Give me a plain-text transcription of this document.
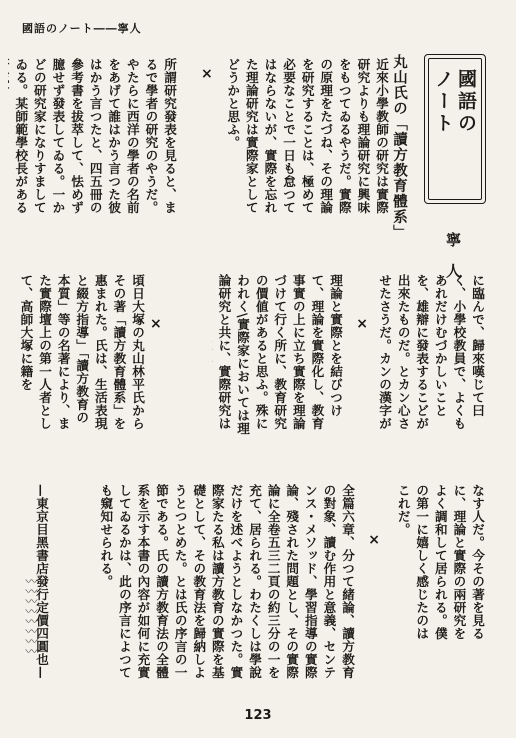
國語のノート――寧人
國語の
ノート
寧人
丸山氏の「讀方教育體系」
近來小學教師の研究は實際研究よりも理論研究に興味をもつてゐるやうだ。實際の原理をたづね、その理論を研究することは、極めて必要なことで一日も怠つてはならないが、實際を忘れた理論研究は實際家としてどうかと思ふ。
×
所謂研究發表を見ると、まるで學者の研究のやうだ。やたらに西洋の學者の名前をあげて誰はかう言つた彼はかう言つたと、四五冊の參考書を拔萃して、怯めず臆せず發表してゐる。一かどの研究家になりすましてゐる。某師範學校長がある
に臨んで、歸來嘆じて曰く、小學校教員で、よくもあれだけむづかしいことを、雄辯に發表するこどが出來たものだ。とカン心させたさうだ。カンの漢字が
×
理論と實際とを結びつけて、理論を實際化し、教育事實の上に立ち實際を理論づけて行く所に、教育研究の價値があると思ふ。殊にわれく\實際家においては理論研究と共に、實際研究は
×
頃日大塚の丸山林平氏からその著「讀方教育體系」を惠まれた。氏は、生活表現と綴方指導」「讀方教育の本質」等の名著により、また實際壇上の第一人者として、高師大塚に籍を
なす人だ。今その著を見るに、理論と實際の兩研究をよく調和して居られる。僕の第一に嬉しく感じたのはこれだ。
×
全篇六章、分つて緒論、讀方教育の對象、讀む作用と意義、センテンス・メソッド、學習指導の實際論、殘された問題とし、その實際論に全卷五三二頁の約三分の一を充て、居られる。わたくしは學說だけを述べようとしなかつた。實際家たる私は讀方教育の實際を基礎として、その教育法を歸納しようとつとめた。とは氏の序言の一節である。氏の讀方教育法の全體系を示す本書の內容が如何に充實してゐるかは、此の序言によつても窺知せられる。
—東京目黑書店發行定價四圓也—
〰〰〰〰〰〰〰〰
123
